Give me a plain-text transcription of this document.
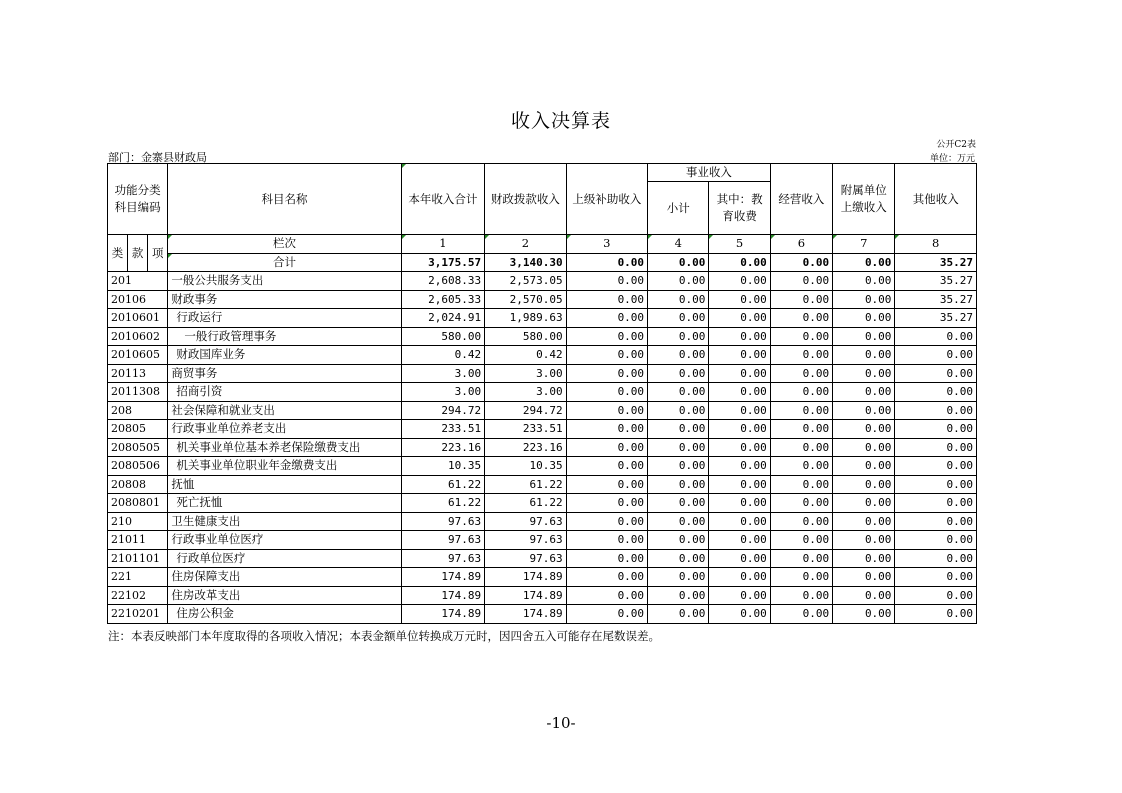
收入决算表
公开C2表
部门：金寨县财政局	单位：万元
功能分类科目编码			科目名称	本年收入合计	财政拨款收入	上级补助收入	事业收入		经营收入	附属单位上缴收入	其他收入
							小计	其中：教育收费			
类	款	项	栏次	1	2	3	4	5	6	7	8
			合计	3,175.57	3,140.30	0.00	0.00	0.00	0.00	0.00	35.27
201			一般公共服务支出	2,608.33	2,573.05	0.00	0.00	0.00	0.00	0.00	35.27
20106			财政事务	2,605.33	2,570.05	0.00	0.00	0.00	0.00	0.00	35.27
2010601			行政运行	2,024.91	1,989.63	0.00	0.00	0.00	0.00	0.00	35.27
2010602			一般行政管理事务	580.00	580.00	0.00	0.00	0.00	0.00	0.00	0.00
2010605			财政国库业务	0.42	0.42	0.00	0.00	0.00	0.00	0.00	0.00
20113			商贸事务	3.00	3.00	0.00	0.00	0.00	0.00	0.00	0.00
2011308			招商引资	3.00	3.00	0.00	0.00	0.00	0.00	0.00	0.00
208			社会保障和就业支出	294.72	294.72	0.00	0.00	0.00	0.00	0.00	0.00
20805			行政事业单位养老支出	233.51	233.51	0.00	0.00	0.00	0.00	0.00	0.00
2080505			机关事业单位基本养老保险缴费支出	223.16	223.16	0.00	0.00	0.00	0.00	0.00	0.00
2080506			机关事业单位职业年金缴费支出	10.35	10.35	0.00	0.00	0.00	0.00	0.00	0.00
20808			抚恤	61.22	61.22	0.00	0.00	0.00	0.00	0.00	0.00
2080801			死亡抚恤	61.22	61.22	0.00	0.00	0.00	0.00	0.00	0.00
210			卫生健康支出	97.63	97.63	0.00	0.00	0.00	0.00	0.00	0.00
21011			行政事业单位医疗	97.63	97.63	0.00	0.00	0.00	0.00	0.00	0.00
2101101			行政单位医疗	97.63	97.63	0.00	0.00	0.00	0.00	0.00	0.00
221			住房保障支出	174.89	174.89	0.00	0.00	0.00	0.00	0.00	0.00
22102			住房改革支出	174.89	174.89	0.00	0.00	0.00	0.00	0.00	0.00
2210201			住房公积金	174.89	174.89	0.00	0.00	0.00	0.00	0.00	0.00
注：本表反映部门本年度取得的各项收入情况；本表金额单位转换成万元时，因四舍五入可能存在尾数误差。
-10-
